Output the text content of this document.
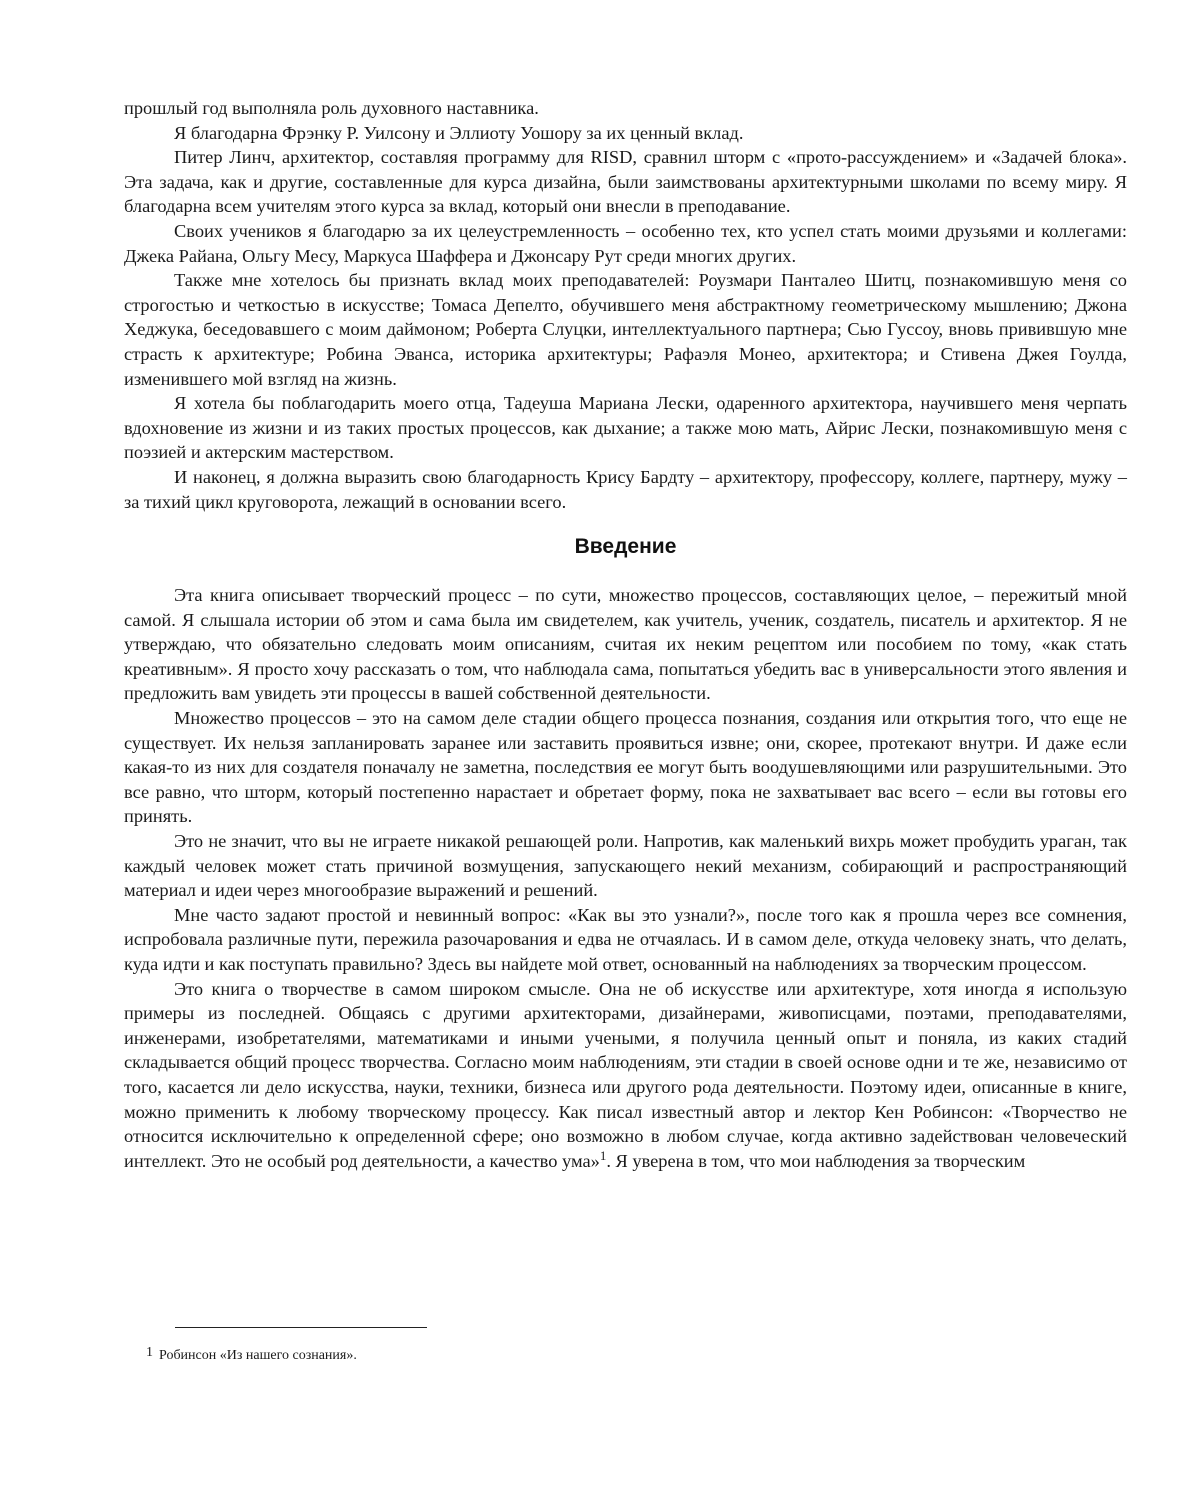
прошлый год выполняла роль духовного наставника.

Я благодарна Фрэнку Р. Уилсону и Эллиоту Уошору за их ценный вклад.

Питер Линч, архитектор, составляя программу для RISD, сравнил шторм с «прото-рассуждением» и «Задачей блока». Эта задача, как и другие, составленные для курса дизайна, были заимствованы архитектурными школами по всему миру. Я благодарна всем учителям этого курса за вклад, который они внесли в преподавание.

Своих учеников я благодарю за их целеустремленность – особенно тех, кто успел стать моими друзьями и коллегами: Джека Райана, Ольгу Месу, Маркуса Шаффера и Джонсару Рут среди многих других.

Также мне хотелось бы признать вклад моих преподавателей: Роузмари Панталео Шитц, познакомившую меня со строгостью и четкостью в искусстве; Томаса Депелто, обучившего меня абстрактному геометрическому мышлению; Джона Хеджука, беседовавшего с моим даймоном; Роберта Слуцки, интеллектуального партнера; Сью Гуссоу, вновь привившую мне страсть к архитектуре; Робина Эванса, историка архитектуры; Рафаэля Монео, архитектора; и Стивена Джея Гоулда, изменившего мой взгляд на жизнь.

Я хотела бы поблагодарить моего отца, Тадеуша Мариана Лески, одаренного архитектора, научившего меня черпать вдохновение из жизни и из таких простых процессов, как дыхание; а также мою мать, Айрис Лески, познакомившую меня с поэзией и актерским мастерством.

И наконец, я должна выразить свою благодарность Крису Бардту – архитектору, профессору, коллеге, партнеру, мужу – за тихий цикл круговорота, лежащий в основании всего.

Введение

Эта книга описывает творческий процесс – по сути, множество процессов, составляющих целое, – пережитый мной самой. Я слышала истории об этом и сама была им свидетелем, как учитель, ученик, создатель, писатель и архитектор. Я не утверждаю, что обязательно следовать моим описаниям, считая их неким рецептом или пособием по тому, «как стать креативным». Я просто хочу рассказать о том, что наблюдала сама, попытаться убедить вас в универсальности этого явления и предложить вам увидеть эти процессы в вашей собственной деятельности.

Множество процессов – это на самом деле стадии общего процесса познания, создания или открытия того, что еще не существует. Их нельзя запланировать заранее или заставить проявиться извне; они, скорее, протекают внутри. И даже если какая-то из них для создателя поначалу не заметна, последствия ее могут быть воодушевляющими или разрушительными. Это все равно, что шторм, который постепенно нарастает и обретает форму, пока не захватывает вас всего – если вы готовы его принять.

Это не значит, что вы не играете никакой решающей роли. Напротив, как маленький вихрь может пробудить ураган, так каждый человек может стать причиной возмущения, запускающего некий механизм, собирающий и распространяющий материал и идеи через многообразие выражений и решений.

Мне часто задают простой и невинный вопрос: «Как вы это узнали?», после того как я прошла через все сомнения, испробовала различные пути, пережила разочарования и едва не отчаялась. И в самом деле, откуда человеку знать, что делать, куда идти и как поступать правильно? Здесь вы найдете мой ответ, основанный на наблюдениях за творческим процессом.

Это книга о творчестве в самом широком смысле. Она не об искусстве или архитектуре, хотя иногда я использую примеры из последней. Общаясь с другими архитекторами, дизайнерами, живописцами, поэтами, преподавателями, инженерами, изобретателями, математиками и иными учеными, я получила ценный опыт и поняла, из каких стадий складывается общий процесс творчества. Согласно моим наблюдениям, эти стадии в своей основе одни и те же, независимо от того, касается ли дело искусства, науки, техники, бизнеса или другого рода деятельности. Поэтому идеи, описанные в книге, можно применить к любому творческому процессу. Как писал известный автор и лектор Кен Робинсон: «Творчество не относится исключительно к определенной сфере; оно возможно в любом случае, когда активно задействован человеческий интеллект. Это не особый род деятельности, а качество ума»$^1$. Я уверена в том, что мои наблюдения за творческим

1 Робинсон «Из нашего сознания».
